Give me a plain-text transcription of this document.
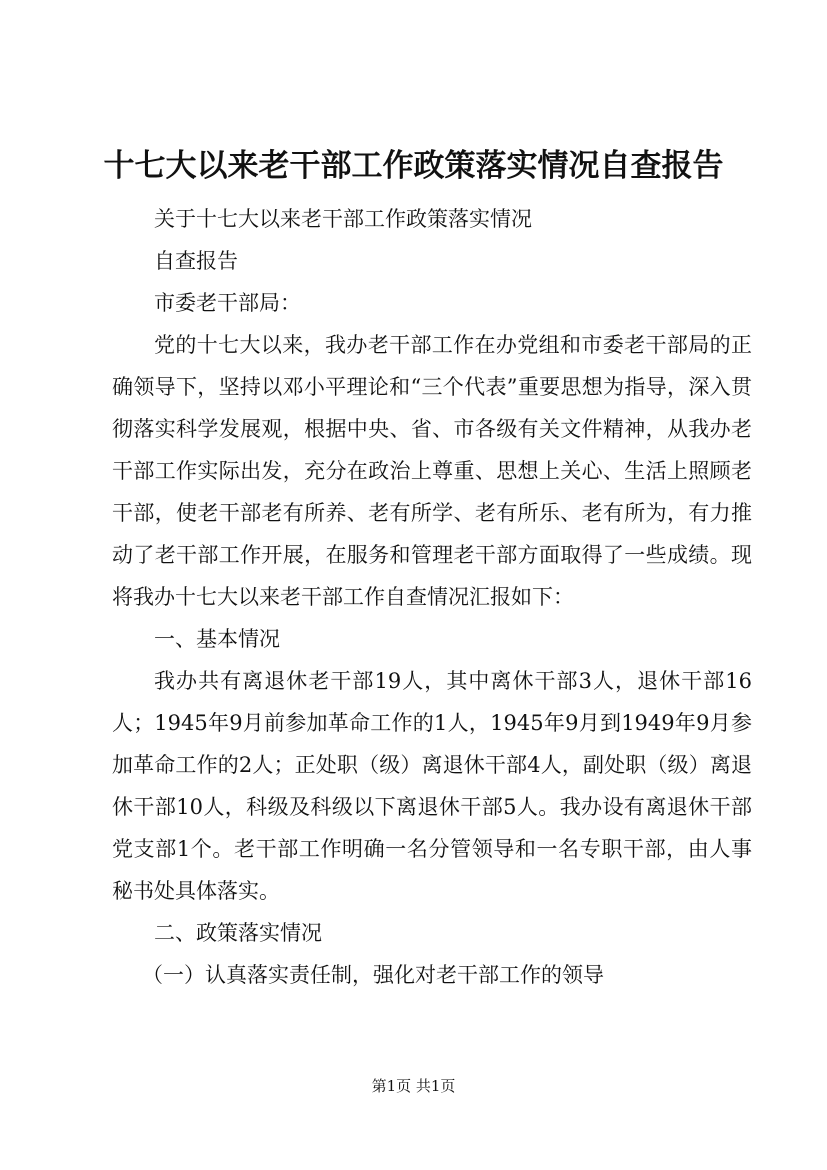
十七大以来老干部工作政策落实情况自查报告

关于十七大以来老干部工作政策落实情况

自查报告

市委老干部局：

党的十七大以来，我办老干部工作在办党组和市委老干部局的正确领导下，坚持以邓小平理论和“三个代表”重要思想为指导，深入贯彻落实科学发展观，根据中央、省、市各级有关文件精神，从我办老干部工作实际出发，充分在政治上尊重、思想上关心、生活上照顾老干部，使老干部老有所养、老有所学、老有所乐、老有所为，有力推动了老干部工作开展，在服务和管理老干部方面取得了一些成绩。现将我办十七大以来老干部工作自查情况汇报如下：

一、基本情况

我办共有离退休老干部19人，其中离休干部3人，退休干部16人；1945年9月前参加革命工作的1人，1945年9月到1949年9月参加革命工作的2人；正处职（级）离退休干部4人，副处职（级）离退休干部10人，科级及科级以下离退休干部5人。我办设有离退休干部党支部1个。老干部工作明确一名分管领导和一名专职干部，由人事秘书处具体落实。

二、政策落实情况

（一）认真落实责任制，强化对老干部工作的领导

第1页 共1页
